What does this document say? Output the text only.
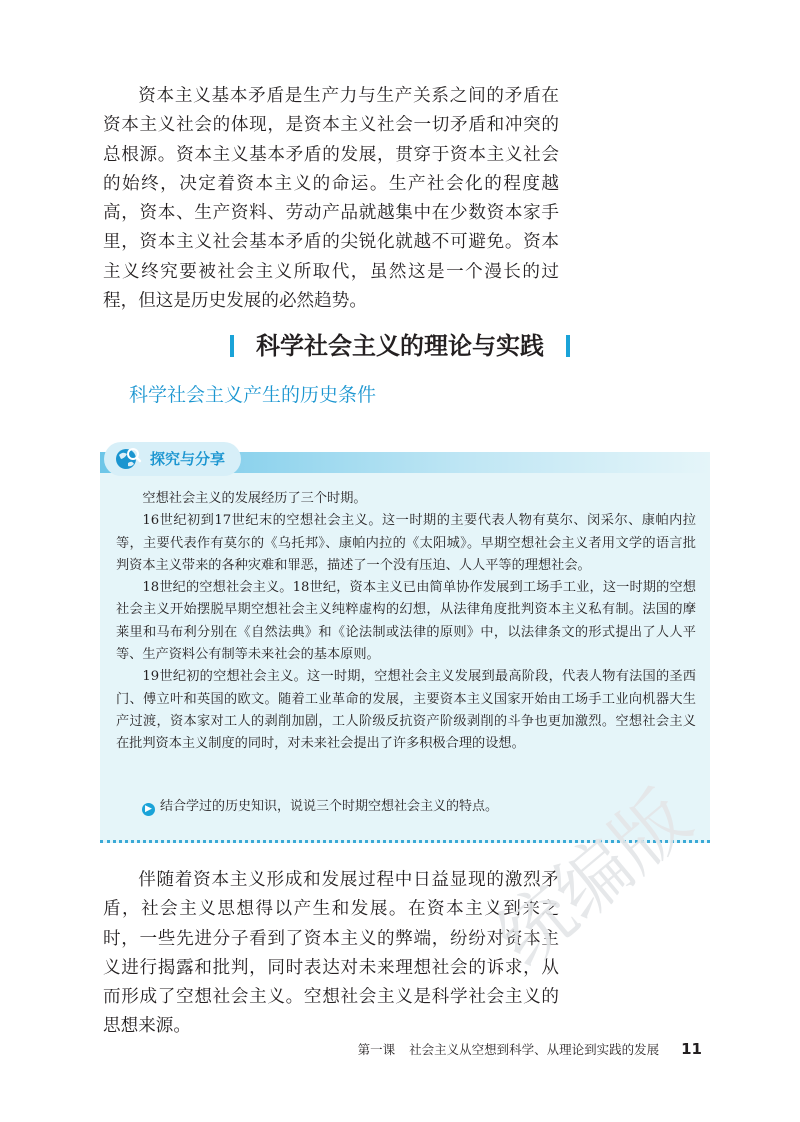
资本主义基本矛盾是生产力与生产关系之间的矛盾在资本主义社会的体现，是资本主义社会一切矛盾和冲突的总根源。资本主义基本矛盾的发展，贯穿于资本主义社会的始终，决定着资本主义的命运。生产社会化的程度越高，资本、生产资料、劳动产品就越集中在少数资本家手里，资本主义社会基本矛盾的尖锐化就越不可避免。资本主义终究要被社会主义所取代，虽然这是一个漫长的过程，但这是历史发展的必然趋势。

科学社会主义的理论与实践
科学社会主义产生的历史条件
探究与分享

空想社会主义的发展经历了三个时期。

16世纪初到17世纪末的空想社会主义。这一时期的主要代表人物有莫尔、闵采尔、康帕内拉等，主要代表作有莫尔的《乌托邦》、康帕内拉的《太阳城》。早期空想社会主义者用文学的语言批判资本主义带来的各种灾难和罪恶，描述了一个没有压迫、人人平等的理想社会。

18世纪的空想社会主义。18世纪，资本主义已由简单协作发展到工场手工业，这一时期的空想社会主义开始摆脱早期空想社会主义纯粹虚构的幻想，从法律角度批判资本主义私有制。法国的摩莱里和马布利分别在《自然法典》和《论法制或法律的原则》中，以法律条文的形式提出了人人平等、生产资料公有制等未来社会的基本原则。

19世纪初的空想社会主义。这一时期，空想社会主义发展到最高阶段，代表人物有法国的圣西门、傅立叶和英国的欧文。随着工业革命的发展，主要资本主义国家开始由工场手工业向机器大生产过渡，资本家对工人的剥削加剧，工人阶级反抗资产阶级剥削的斗争也更加激烈。空想社会主义在批判资本主义制度的同时，对未来社会提出了许多积极合理的设想。

▶ 结合学过的历史知识，说说三个时期空想社会主义的特点。

伴随着资本主义形成和发展过程中日益显现的激烈矛盾，社会主义思想得以产生和发展。在资本主义到来之时，一些先进分子看到了资本主义的弊端，纷纷对资本主义进行揭露和批判，同时表达对未来理想社会的诉求，从而形成了空想社会主义。空想社会主义是科学社会主义的思想来源。

统编版
第一课 社会主义从空想到科学、从理论到实践的发展 11
